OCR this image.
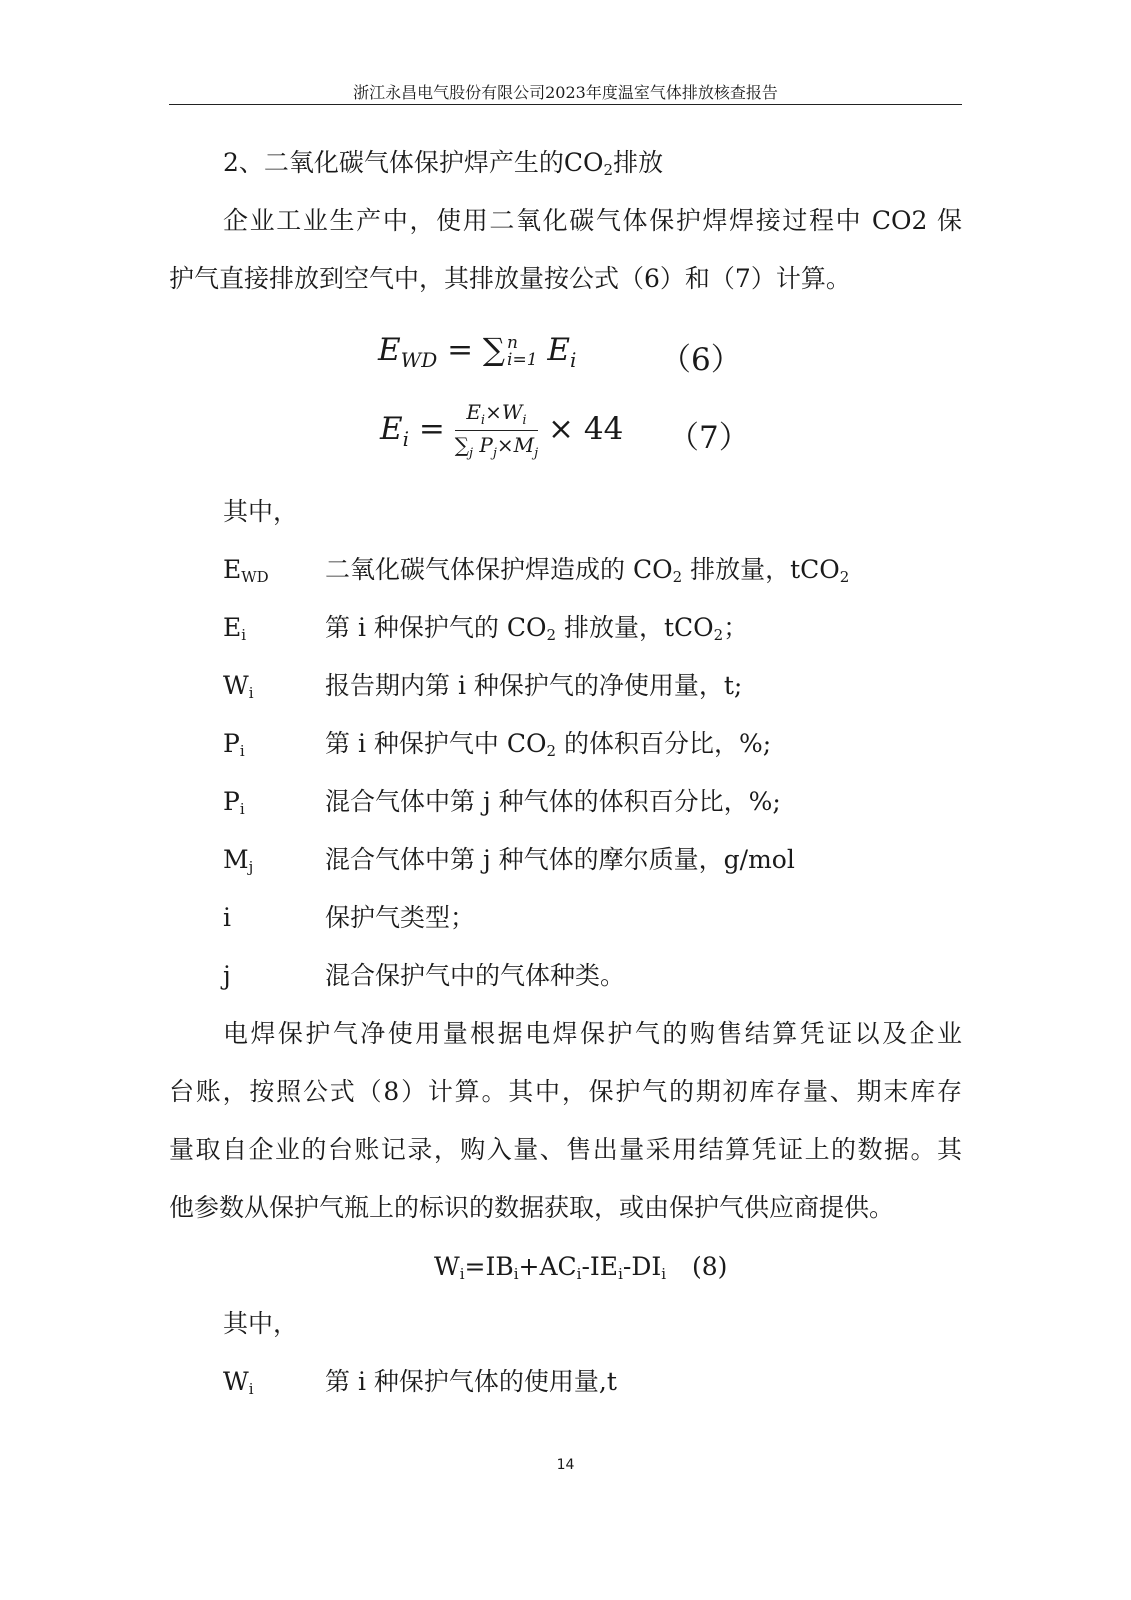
浙江永昌电气股份有限公司2023年度温室气体排放核查报告
2、二氧化碳气体保护焊产生的$CO_2$排放
企业工业生产中，使用二氧化碳气体保护焊焊接过程中 CO2 保
护气直接排放到空气中，其排放量按公式（6）和（7）计算。
$E_{WD}$ = ∑ n
i=1 $E_i$	（6）
$E_i = \frac{E_i\times W_i}{\sum_j P_j\times M_j} \times 44$ （7）
其中，
$E_{WD}$ 二氧化碳气体保护焊造成的 $CO_2$ 排放量，tCO$_2$
$E_i$	第 i 种保护气的 $CO_2$ 排放量，tCO$_2$；
$W_i$	报告期内第 i 种保护气的净使用量，t;
$P_i$	第 i 种保护气中 $CO_2$ 的体积百分比，%;
$P_i$	混合气体中第 j 种气体的体积百分比，%;
$M_j$	混合气体中第 j 种气体的摩尔质量，g/mol
i	保护气类型；
j	混合保护气中的气体种类。
电焊保护气净使用量根据电焊保护气的购售结算凭证以及企业
台账，按照公式（8）计算。其中，保护气的期初库存量、期末库存
量取自企业的台账记录，购入量、售出量采用结算凭证上的数据。其
他参数从保护气瓶上的标识的数据获取，或由保护气供应商提供。
$W_i=IB_i+AC_i-IE_i-DI_i$ (8)
其中，
$W_i$	第 i 种保护气体的使用量,t
14
